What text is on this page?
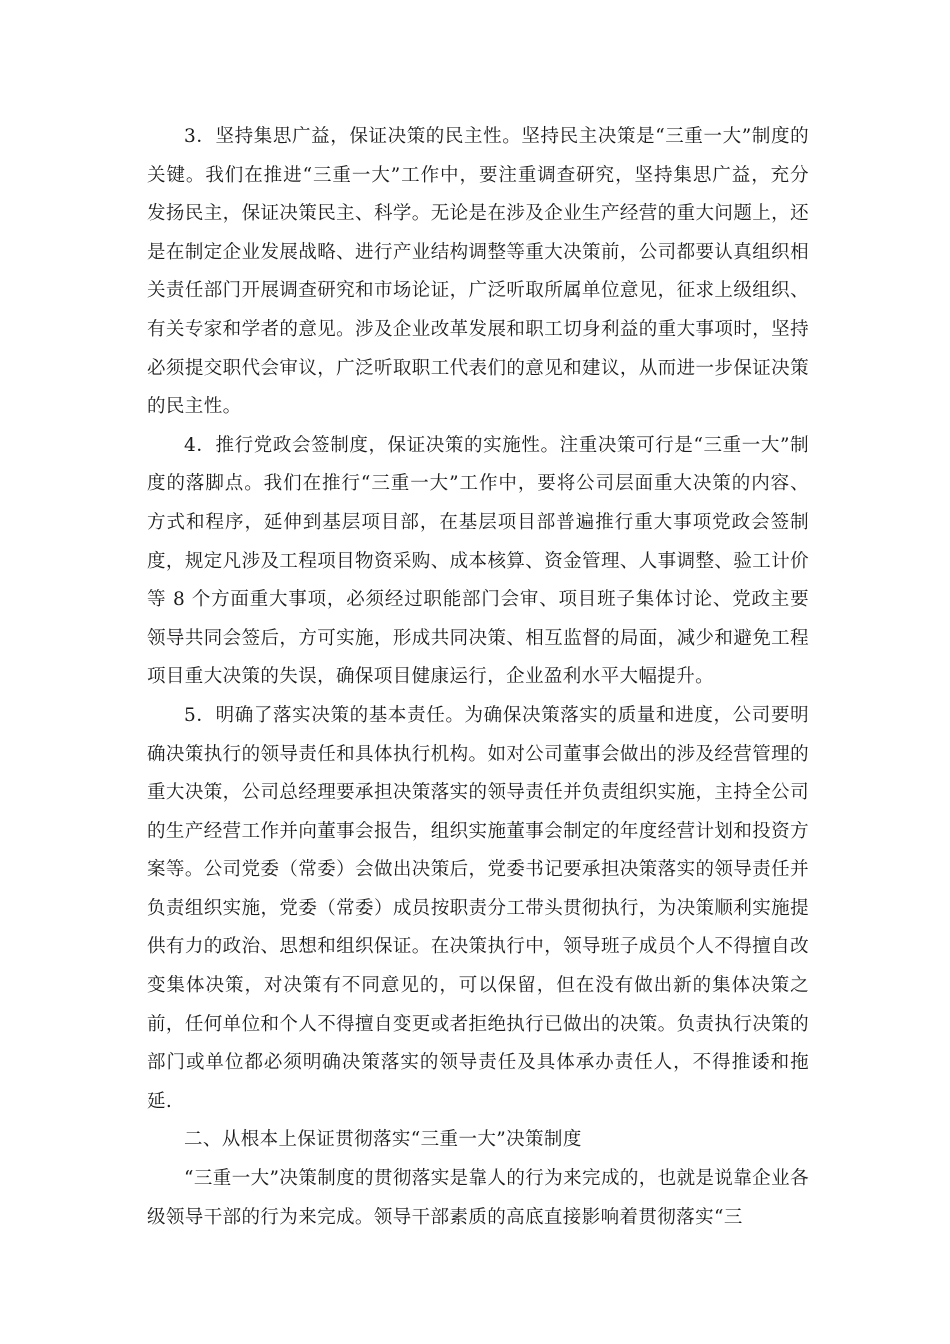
3．坚持集思广益，保证决策的民主性。坚持民主决策是“三重一大”制度的关键。我们在推进“三重一大”工作中，要注重调查研究，坚持集思广益，充分发扬民主，保证决策民主、科学。无论是在涉及企业生产经营的重大问题上，还是在制定企业发展战略、进行产业结构调整等重大决策前，公司都要认真组织相关责任部门开展调查研究和市场论证，广泛听取所属单位意见，征求上级组织、有关专家和学者的意见。涉及企业改革发展和职工切身利益的重大事项时，坚持必须提交职代会审议，广泛听取职工代表们的意见和建议，从而进一步保证决策的民主性。

4．推行党政会签制度，保证决策的实施性。注重决策可行是“三重一大”制度的落脚点。我们在推行“三重一大”工作中，要将公司层面重大决策的内容、方式和程序，延伸到基层项目部，在基层项目部普遍推行重大事项党政会签制度，规定凡涉及工程项目物资采购、成本核算、资金管理、人事调整、验工计价等 8 个方面重大事项，必须经过职能部门会审、项目班子集体讨论、党政主要领导共同会签后，方可实施，形成共同决策、相互监督的局面，减少和避免工程项目重大决策的失误，确保项目健康运行，企业盈利水平大幅提升。

5．明确了落实决策的基本责任。为确保决策落实的质量和进度，公司要明确决策执行的领导责任和具体执行机构。如对公司董事会做出的涉及经营管理的重大决策，公司总经理要承担决策落实的领导责任并负责组织实施，主持全公司的生产经营工作并向董事会报告，组织实施董事会制定的年度经营计划和投资方案等。公司党委（常委）会做出决策后，党委书记要承担决策落实的领导责任并负责组织实施，党委（常委）成员按职责分工带头贯彻执行，为决策顺利实施提供有力的政治、思想和组织保证。在决策执行中，领导班子成员个人不得擅自改变集体决策，对决策有不同意见的，可以保留，但在没有做出新的集体决策之前，任何单位和个人不得擅自变更或者拒绝执行已做出的决策。负责执行决策的部门或单位都必须明确决策落实的领导责任及具体承办责任人，不得推诿和拖延.

二、从根本上保证贯彻落实“三重一大”决策制度

“三重一大”决策制度的贯彻落实是靠人的行为来完成的，也就是说靠企业各级领导干部的行为来完成。领导干部素质的高底直接影响着贯彻落实“三
